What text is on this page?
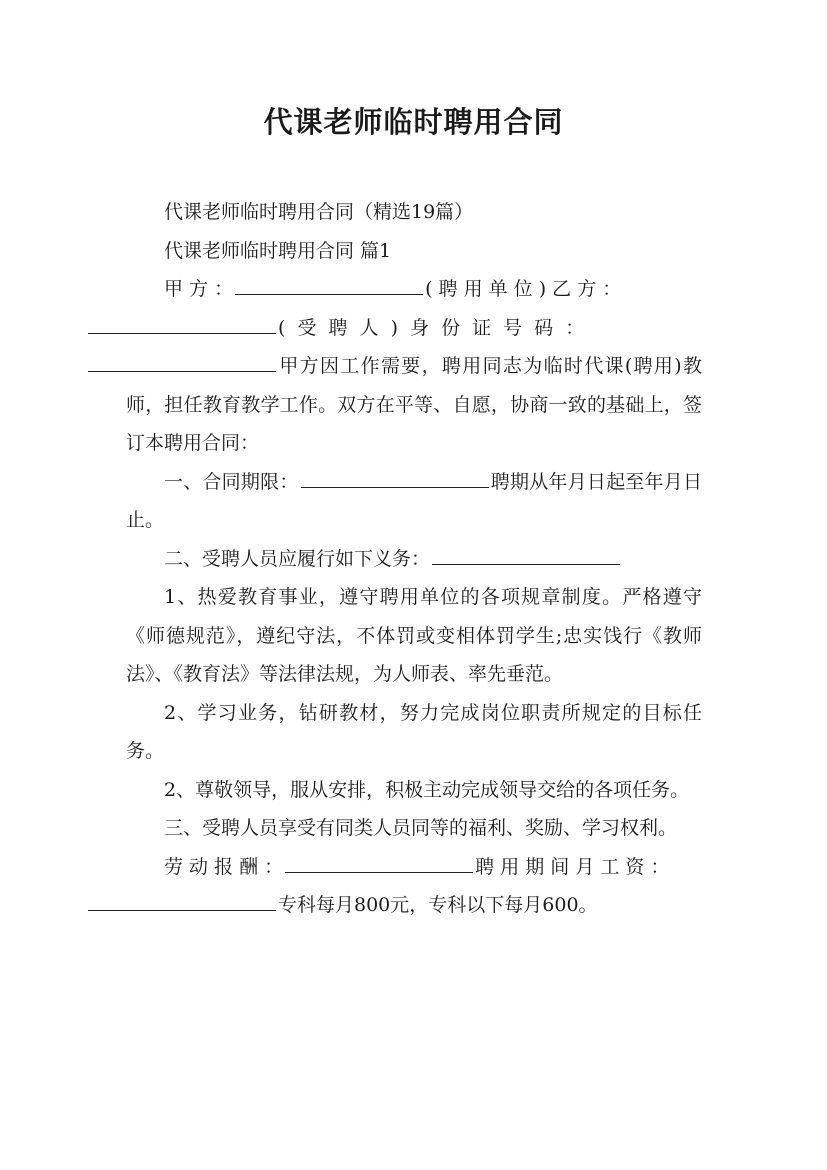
代课老师临时聘用合同

代课老师临时聘用合同（精选19篇）

代课老师临时聘用合同 篇1

甲 方 ：	( 聘 用 单 位 ) 乙 方 ：
( 受 聘 人 ) 身 份 证 号 码 ：
甲方因工作需要，聘用同志为临时代课(聘用)教师，担任教育教学工作。双方在平等、自愿，协商一致的基础上，签订本聘用合同：

一、合同期限：	聘期从年月日起至年月日止。

二、受聘人员应履行如下义务：

1、热爱教育事业，遵守聘用单位的各项规章制度。严格遵守《师德规范》，遵纪守法，不体罚或变相体罚学生;忠实饯行《教师法》、《教育法》等法律法规，为人师表、率先垂范。

2、学习业务，钻研教材，努力完成岗位职责所规定的目标任务。

2、尊敬领导，服从安排，积极主动完成领导交给的各项任务。

三、受聘人员享受有同类人员同等的福利、奖励、学习权利。

劳 动 报 酬 ：	聘 用 期 间 月 工 资 ：
专科每月800元，专科以下每月600。
